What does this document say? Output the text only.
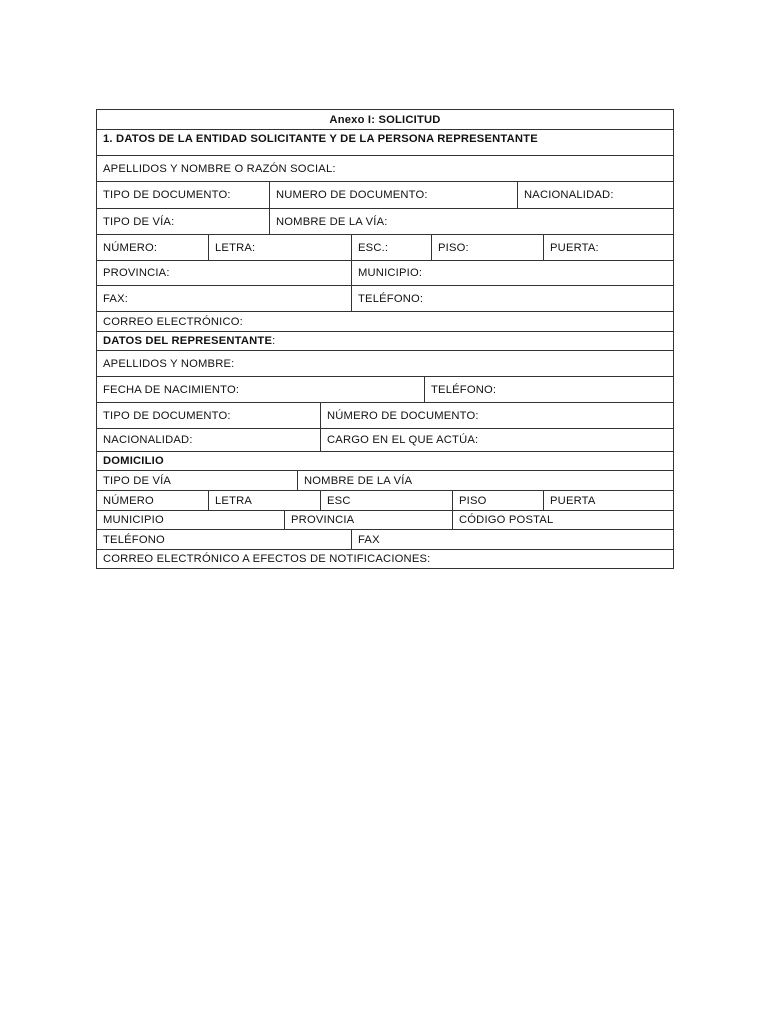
Anexo I: SOLICITUD
1. DATOS DE LA ENTIDAD SOLICITANTE Y DE LA PERSONA REPRESENTANTE
APELLIDOS Y NOMBRE O RAZÓN SOCIAL:
TIPO DE DOCUMENTO:	NUMERO DE DOCUMENTO:	NACIONALIDAD:
TIPO DE VÍA:	NOMBRE DE LA VÍA:
NÚMERO:	LETRA:	ESC.:	PISO:	PUERTA:
PROVINCIA:	MUNICIPIO:
FAX:	TELÉFONO:
CORREO ELECTRÓNICO:
DATOS DEL REPRESENTANTE :
APELLIDOS Y NOMBRE:
FECHA DE NACIMIENTO:	TELÉFONO:
TIPO DE DOCUMENTO:	NÚMERO DE DOCUMENTO:
NACIONALIDAD:	CARGO EN EL QUE ACTÚA:
DOMICILIO
TIPO DE VÍA	NOMBRE DE LA VÍA
NÚMERO	LETRA	ESC	PISO	PUERTA
MUNICIPIO	PROVINCIA	CÓDIGO POSTAL
TELÉFONO	FAX
CORREO ELECTRÓNICO A EFECTOS DE NOTIFICACIONES:
